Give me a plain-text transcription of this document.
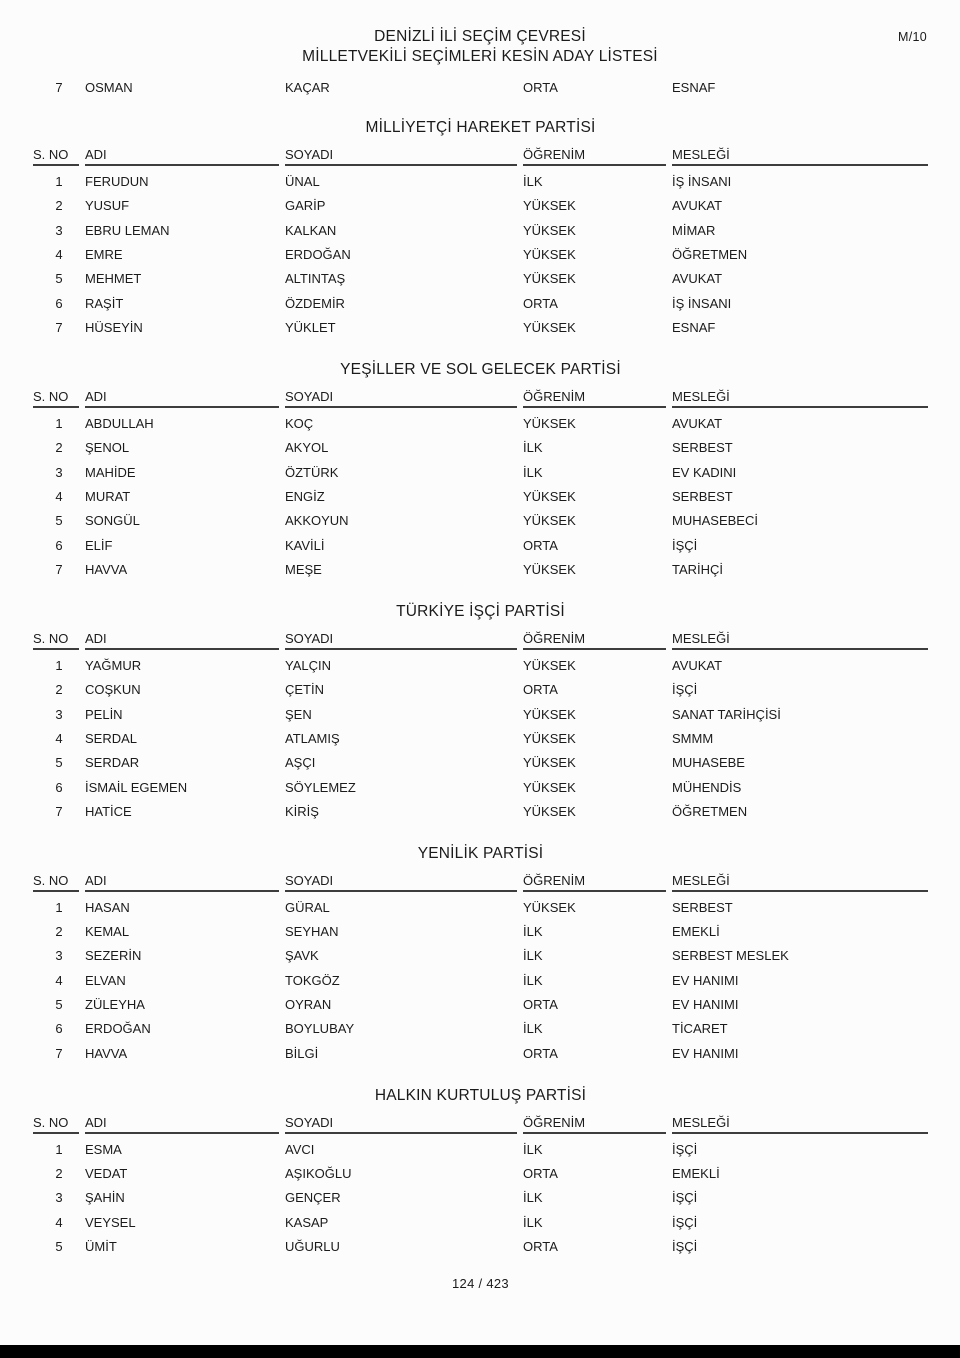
M/10
DENİZLİ İLİ SEÇİM ÇEVRESİ
MİLLETVEKİLİ SEÇİMLERİ KESİN ADAY LİSTESİ
7	OSMAN	KAÇAR	ORTA	ESNAF
MİLLİYETÇİ HAREKET PARTİSİ
S. NO	ADI	SOYADI	ÖĞRENİM	MESLEĞİ
1	FERUDUN	ÜNAL	İLK	İŞ İNSANI
2	YUSUF	GARİP	YÜKSEK	AVUKAT
3	EBRU LEMAN	KALKAN	YÜKSEK	MİMAR
4	EMRE	ERDOĞAN	YÜKSEK	ÖĞRETMEN
5	MEHMET	ALTINTAŞ	YÜKSEK	AVUKAT
6	RAŞİT	ÖZDEMİR	ORTA	İŞ İNSANI
7	HÜSEYİN	YÜKLET	YÜKSEK	ESNAF
YEŞİLLER VE SOL GELECEK PARTİSİ
S. NO	ADI	SOYADI	ÖĞRENİM	MESLEĞİ
1	ABDULLAH	KOÇ	YÜKSEK	AVUKAT
2	ŞENOL	AKYOL	İLK	SERBEST
3	MAHİDE	ÖZTÜRK	İLK	EV KADINI
4	MURAT	ENGİZ	YÜKSEK	SERBEST
5	SONGÜL	AKKOYUN	YÜKSEK	MUHASEBECİ
6	ELİF	KAVİLİ	ORTA	İŞÇİ
7	HAVVA	MEŞE	YÜKSEK	TARİHÇİ
TÜRKİYE İŞÇİ PARTİSİ
S. NO	ADI	SOYADI	ÖĞRENİM	MESLEĞİ
1	YAĞMUR	YALÇIN	YÜKSEK	AVUKAT
2	COŞKUN	ÇETİN	ORTA	İŞÇİ
3	PELİN	ŞEN	YÜKSEK	SANAT TARİHÇİSİ
4	SERDAL	ATLAMIŞ	YÜKSEK	SMMM
5	SERDAR	AŞÇI	YÜKSEK	MUHASEBE
6	İSMAİL EGEMEN	SÖYLEMEZ	YÜKSEK	MÜHENDİS
7	HATİCE	KİRİŞ	YÜKSEK	ÖĞRETMEN
YENİLİK PARTİSİ
S. NO	ADI	SOYADI	ÖĞRENİM	MESLEĞİ
1	HASAN	GÜRAL	YÜKSEK	SERBEST
2	KEMAL	SEYHAN	İLK	EMEKLİ
3	SEZERİN	ŞAVK	İLK	SERBEST MESLEK
4	ELVAN	TOKGÖZ	İLK	EV HANIMI
5	ZÜLEYHA	OYRAN	ORTA	EV HANIMI
6	ERDOĞAN	BOYLUBAY	İLK	TİCARET
7	HAVVA	BİLGİ	ORTA	EV HANIMI
HALKIN KURTULUŞ PARTİSİ
S. NO	ADI	SOYADI	ÖĞRENİM	MESLEĞİ
1	ESMA	AVCI	İLK	İŞÇİ
2	VEDAT	AŞIKOĞLU	ORTA	EMEKLİ
3	ŞAHİN	GENÇER	İLK	İŞÇİ
4	VEYSEL	KASAP	İLK	İŞÇİ
5	ÜMİT	UĞURLU	ORTA	İŞÇİ
124 / 423
